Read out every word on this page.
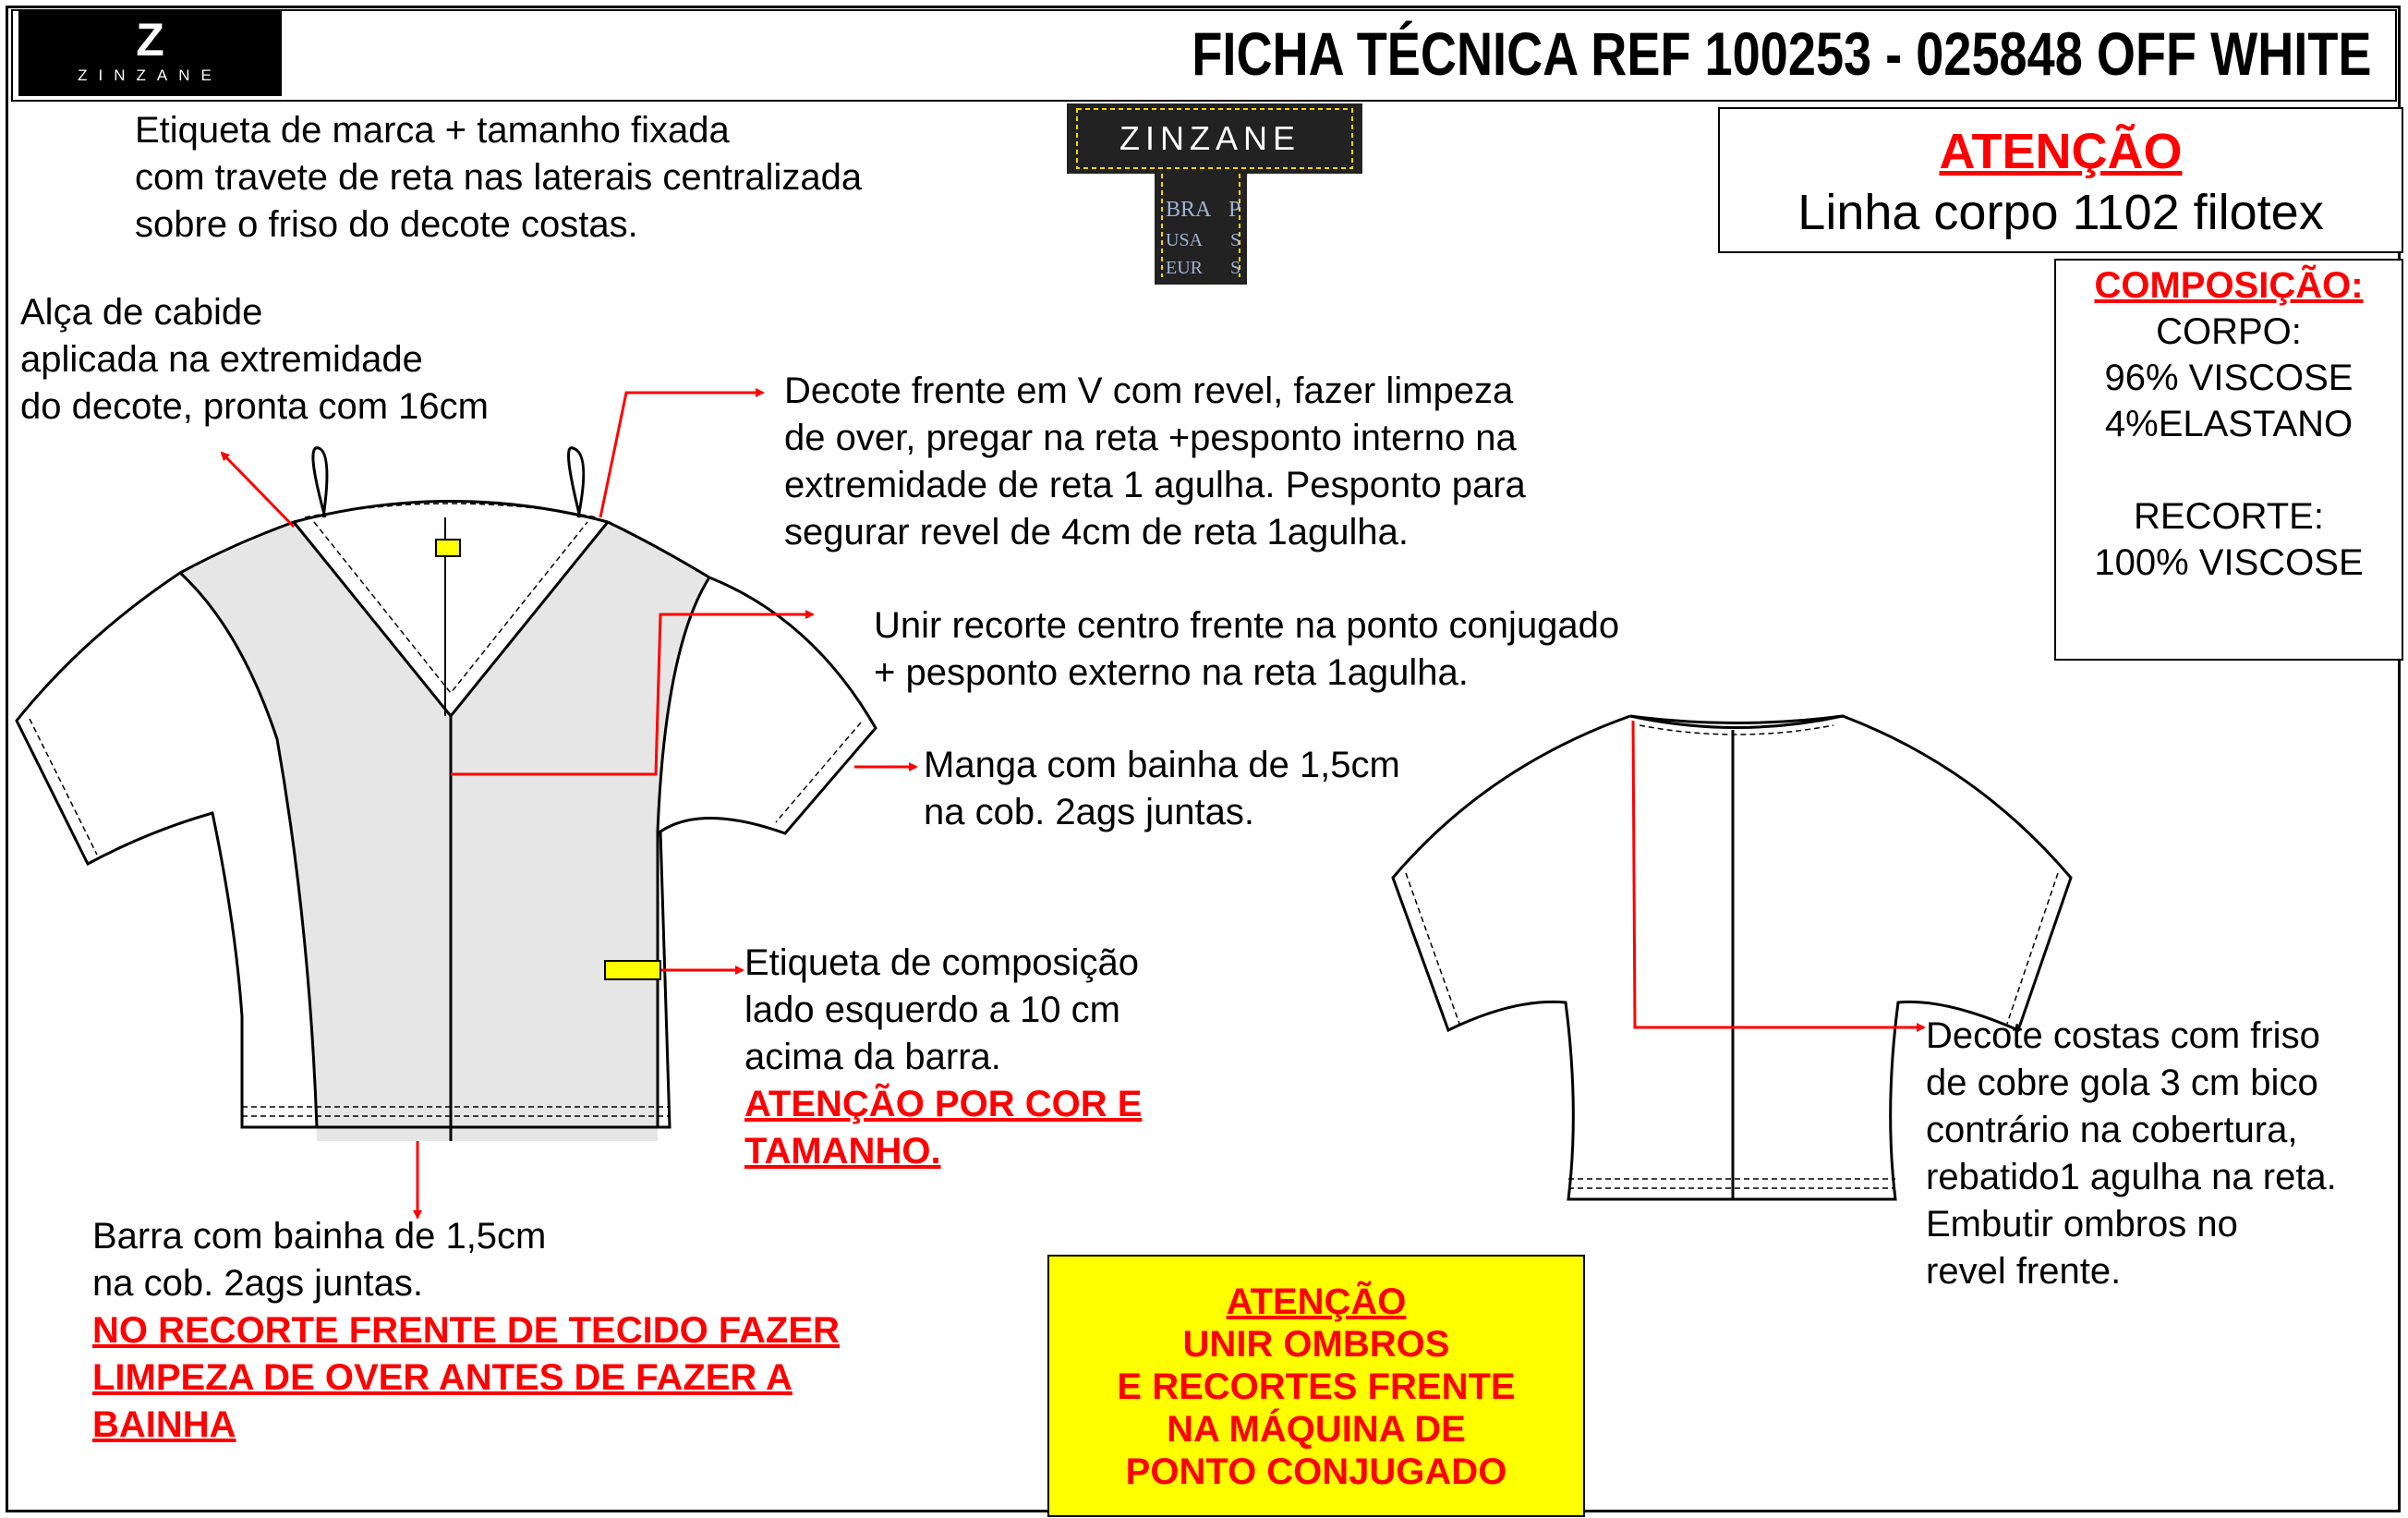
Z
ZINZANE	FICHA TÉCNICA REF 100253 - 025848 OFF WHITE
ZINZANE
BRA
USA
EUR
P
S
S
ATENÇÃO
Linha corpo 1102 filotex
COMPOSIÇÃO:
CORPO:
96% VISCOSE
4%ELASTANO
RECORTE:
100% VISCOSE
Etiqueta de marca + tamanho fixada
com travete de reta nas laterais centralizada
sobre o friso do decote costas.
Alça de cabide
aplicada na extremidade
do decote, pronta com 16cm	Decote frente em V com revel, fazer limpeza
de over, pregar na reta +pesponto interno na
extremidade de reta 1 agulha. Pesponto para
segurar revel de 4cm de reta 1agulha.
Unir recorte centro frente na ponto conjugado
+ pesponto externo na reta 1agulha.
Manga com bainha de 1,5cm
na cob. 2ags juntas.
Etiqueta de composição
lado esquerdo a 10 cm
acima da barra.
ATENÇÃO POR COR E
TAMANHO.
Barra com bainha de 1,5cm
na cob. 2ags juntas.
NO RECORTE FRENTE DE TECIDO FAZER
LIMPEZA DE OVER ANTES DE FAZER A
BAINHA
Decote costas com friso
de cobre gola 3 cm bico
contrário na cobertura,
rebatido1 agulha na reta.
Embutir ombros no
revel frente.
ATENÇÃO
UNIR OMBROS
E RECORTES FRENTE
NA MÁQUINA DE
PONTO CONJUGADO
